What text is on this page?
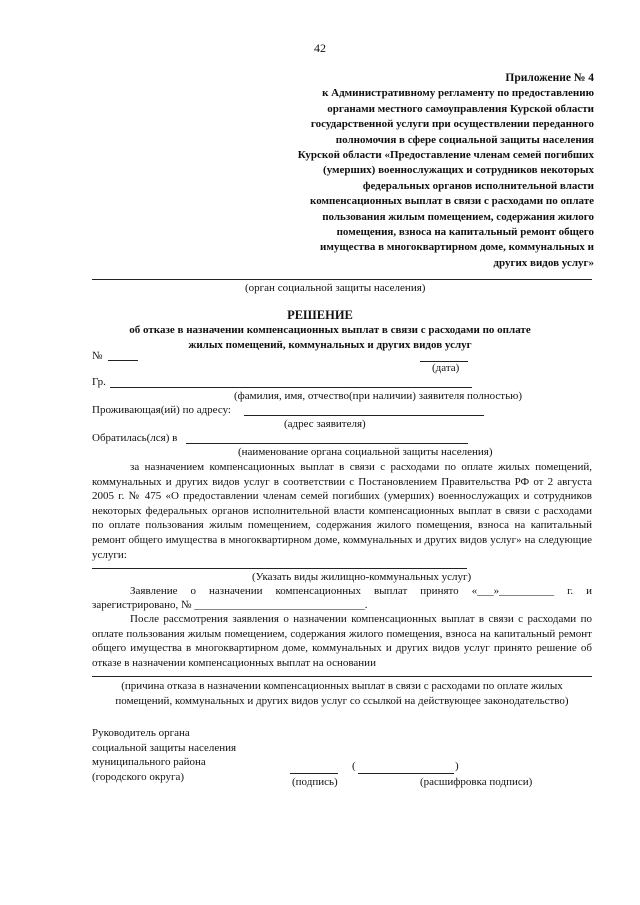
42
Приложение № 4
к Административному регламенту по предоставлению
органами местного самоуправления Курской области
государственной услуги при осуществлении переданного
полномочия в сфере социальной защиты населения
Курской области «Предоставление членам семей погибших
(умерших) военнослужащих и сотрудников некоторых
федеральных органов исполнительной власти
компенсационных выплат в связи с расходами по оплате
пользования жилым помещением, содержания жилого
помещения, взноса на капитальный ремонт общего
имущества в многоквартирном доме, коммунальных и
других видов услуг»
(орган социальной защиты населения)
РЕШЕНИЕ
об отказе в назначении компенсационных выплат в связи с расходами по оплате
жилых помещений, коммунальных и других видов услуг
№
(дата)
Гр.
(фамилия, имя, отчество(при наличии) заявителя полностью)
Проживающая(ий) по адресу:
(адрес заявителя)
Обратилась(лся) в
(наименование органа социальной защиты населения)
за назначением компенсационных выплат в связи с расходами по оплате жилых помещений, коммунальных и других видов услуг в соответствии с Постановлением Правительства РФ от 2 августа 2005 г. № 475 «О предоставлении членам семей погибших (умерших) военнослужащих и сотрудников некоторых федеральных органов исполнительной власти компенсационных выплат в связи с расходами по оплате пользования жилым помещением, содержания жилого помещения, взноса на капитальный ремонт общего имущества в многоквартирном доме, коммунальных и других видов услуг» на следующие услуги:
(Указать виды жилищно-коммунальных услуг)
Заявление о назначении компенсационных выплат принято «___»__________ г. и
зарегистрировано, № _______________________________.
После рассмотрения заявления о назначении компенсационных выплат в связи с расходами по оплате пользования жилым помещением, содержания жилого помещения, взноса на капитальный ремонт общего имущества в многоквартирном доме, коммунальных и других видов услуг принято решение об отказе в назначении компенсационных выплат на основании
(причина отказа в назначении компенсационных выплат в связи с расходами по оплате жилых
помещений, коммунальных и других видов услуг со ссылкой на действующее законодательство)
Руководитель органа
социальной защиты населения
муниципального района
(городского округа)
(	)
(подпись)	(расшифровка подписи)
